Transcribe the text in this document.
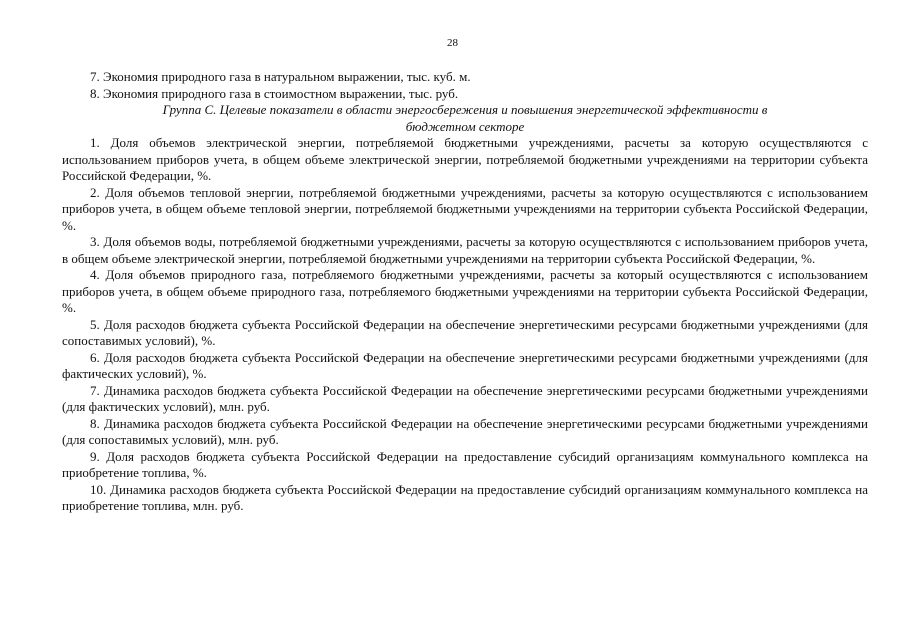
28

7. Экономия природного газа в натуральном выражении, тыс. куб. м.

8. Экономия природного газа в стоимостном выражении, тыс. руб.

Группа С. Целевые показатели в области энергосбережения и повышения энергетической эффективности в бюджетном секторе

1. Доля объемов электрической энергии, потребляемой бюджетными учреждениями, расчеты за которую осуществляются с использованием приборов учета, в общем объеме электрической энергии, потребляемой бюджетными учреждениями на территории субъекта Российской Федерации, %.

2. Доля объемов тепловой энергии, потребляемой бюджетными учреждениями, расчеты за которую осуществляются с использованием приборов учета, в общем объеме тепловой энергии, потребляемой бюджетными учреждениями на территории субъекта Российской Федерации, %.

3. Доля объемов воды, потребляемой бюджетными учреждениями, расчеты за которую осуществляются с использованием приборов учета, в общем объеме электрической энергии, потребляемой бюджетными учреждениями на территории субъекта Российской Федерации, %.

4. Доля объемов природного газа, потребляемого бюджетными учреждениями, расчеты за который осуществляются с использованием приборов учета, в общем объеме природного газа, потребляемого бюджетными учреждениями на территории субъекта Российской Федерации, %.

5. Доля расходов бюджета субъекта Российской Федерации на обеспечение энергетическими ресурсами бюджетными учреждениями (для сопоставимых условий), %.

6. Доля расходов бюджета субъекта Российской Федерации на обеспечение энергетическими ресурсами бюджетными учреждениями (для фактических условий), %.

7. Динамика расходов бюджета субъекта Российской Федерации на обеспечение энергетическими ресурсами бюджетными учреждениями (для фактических условий), млн. руб.

8. Динамика расходов бюджета субъекта Российской Федерации на обеспечение энергетическими ресурсами бюджетными учреждениями (для сопоставимых условий), млн. руб.

9. Доля расходов бюджета субъекта Российской Федерации на предоставление субсидий организациям коммунального комплекса на приобретение топлива, %.

10. Динамика расходов бюджета субъекта Российской Федерации на предоставление субсидий организациям коммунального комплекса на приобретение топлива, млн. руб.
